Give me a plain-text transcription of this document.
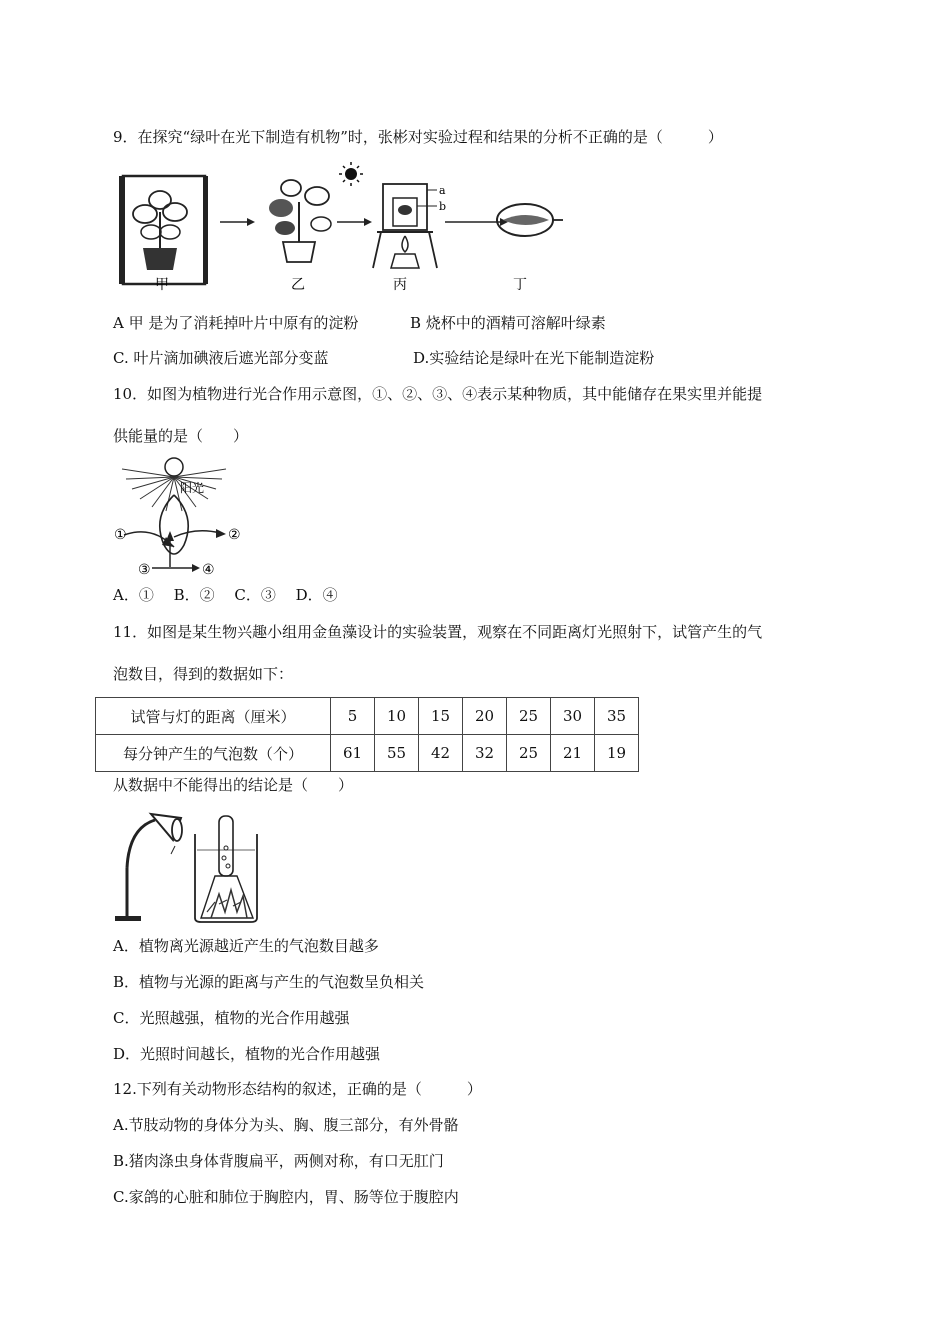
9．在探究“绿叶在光下制造有机物”时，张彬对实验过程和结果的分析不正确的是（　　　）
a
b
甲	乙	丙	丁
A 甲 是为了消耗掉叶片中原有的淀粉	B 烧杯中的酒精可溶解叶绿素
C. 叶片滴加碘液后遮光部分变蓝	D.实验结论是绿叶在光下能制造淀粉
10．如图为植物进行光合作用示意图，①、②、③、④表示某种物质，其中能储存在果实里并能提
供能量的是（　　）
阳光
①	②
③	④
A．①　 B．②　 C．③　 D．④
11．如图是某生物兴趣小组用金鱼藻设计的实验装置，观察在不同距离灯光照射下，试管产生的气
泡数目，得到的数据如下：
试管与灯的距离（厘米）	5	10	15	20	25	30	35
每分钟产生的气泡数（个）	61	55	42	32	25	21	19
从数据中不能得出的结论是（　　）
A．植物离光源越近产生的气泡数目越多
B．植物与光源的距离与产生的气泡数呈负相关
C．光照越强，植物的光合作用越强
D．光照时间越长，植物的光合作用越强
12.下列有关动物形态结构的叙述，正确的是（　　　）
A.节肢动物的身体分为头、胸、腹三部分，有外骨骼
B.猪肉涤虫身体背腹扁平，两侧对称，有口无肛门
C.家鸽的心脏和肺位于胸腔内，胃、肠等位于腹腔内
